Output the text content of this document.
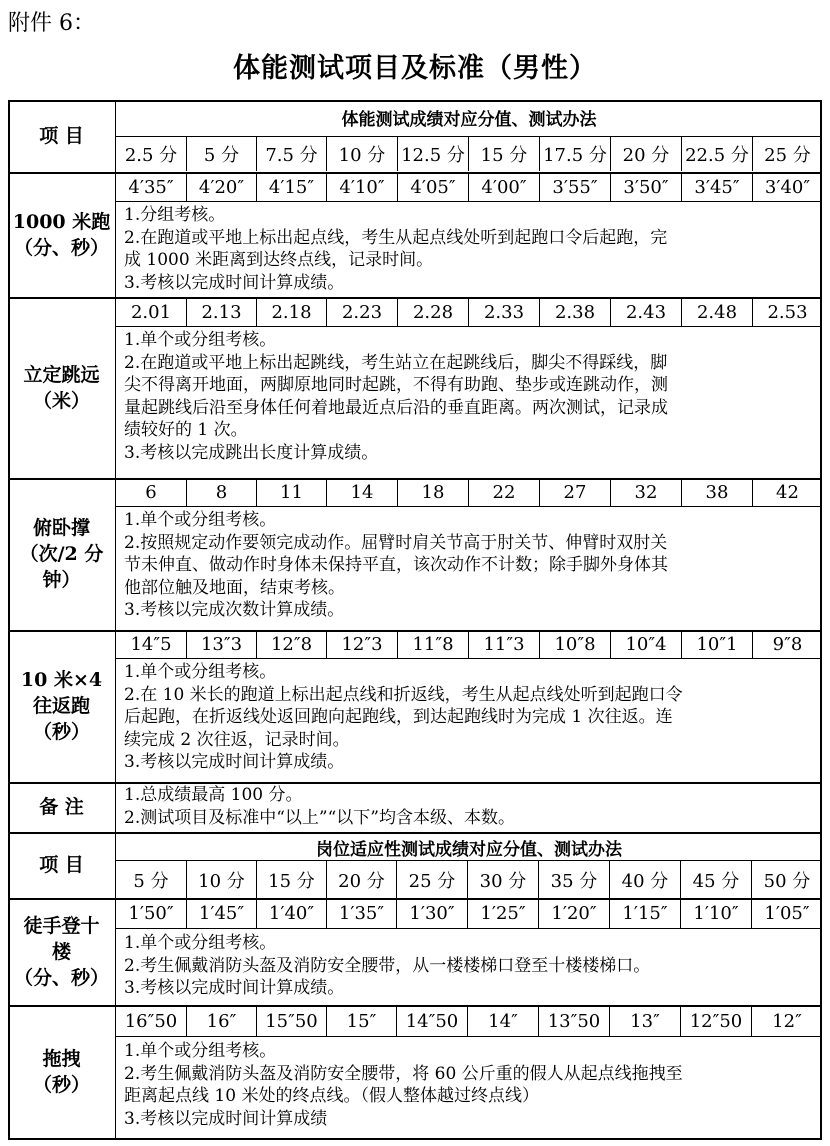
附件 6：
体能测试项目及标准（男性）
项 目
体能测试成绩对应分值、测试办法
2.5 分	5 分	7.5 分	10 分 12.5 分 15 分 17.5 分 20 分 22.5 分 25 分
1000 米跑
（分、秒）
4′35″	4′20″	4′15″	4′10″	4′05″	4′00″	3′55″	3′50″	3′45″	3′40″
1.分组考核。
2.在跑道或平地上标出起点线，考生从起点线处听到起跑口令后起跑，完
成 1000 米距离到达终点线，记录时间。
3.考核以完成时间计算成绩。
立定跳远
（米）
2.01	2.13	2.18	2.23	2.28	2.33	2.38	2.43	2.48	2.53
1.单个或分组考核。
2.在跑道或平地上标出起跳线，考生站立在起跳线后，脚尖不得踩线，脚
尖不得离开地面，两脚原地同时起跳，不得有助跑、垫步或连跳动作，测
量起跳线后沿至身体任何着地最近点后沿的垂直距离。两次测试，记录成
绩较好的 1 次。
3.考核以完成跳出长度计算成绩。
俯卧撑
（次/2 分
钟）
6	8	11	14	18	22	27	32	38	42
1.单个或分组考核。
2.按照规定动作要领完成动作。屈臂时肩关节高于肘关节、伸臂时双肘关
节未伸直、做动作时身体未保持平直，该次动作不计数；除手脚外身体其
他部位触及地面，结束考核。
3.考核以完成次数计算成绩。
10 米×4
往返跑
（秒）
14″5	13″3	12″8	12″3	11″8	11″3	10″8	10″4	10″1	9″8
1.单个或分组考核。
2.在 10 米长的跑道上标出起点线和折返线，考生从起点线处听到起跑口令
后起跑，在折返线处返回跑向起跑线，到达起跑线时为完成 1 次往返。连
续完成 2 次往返，记录时间。
3.考核以完成时间计算成绩。
备 注
1.总成绩最高 100 分。
2.测试项目及标准中“以上”“以下”均含本级、本数。
项 目
岗位适应性测试成绩对应分值、测试办法
5 分	10 分	15 分	20 分	25 分	30 分	35 分	40 分	45 分	50 分
徒手登十
楼
（分、秒）
1′50″	1′45″	1′40″	1′35″	1′30″	1′25″	1′20″	1′15″	1′10″	1′05″
1.单个或分组考核。
2.考生佩戴消防头盔及消防安全腰带，从一楼楼梯口登至十楼楼梯口。
3.考核以完成时间计算成绩。
拖拽
（秒）
16″50	16″	15″50	15″	14″50	14″	13″50	13″	12″50	12″
1.单个或分组考核。
2.考生佩戴消防头盔及消防安全腰带，将 60 公斤重的假人从起点线拖拽至
距离起点线 10 米处的终点线。（假人整体越过终点线）
3.考核以完成时间计算成绩
